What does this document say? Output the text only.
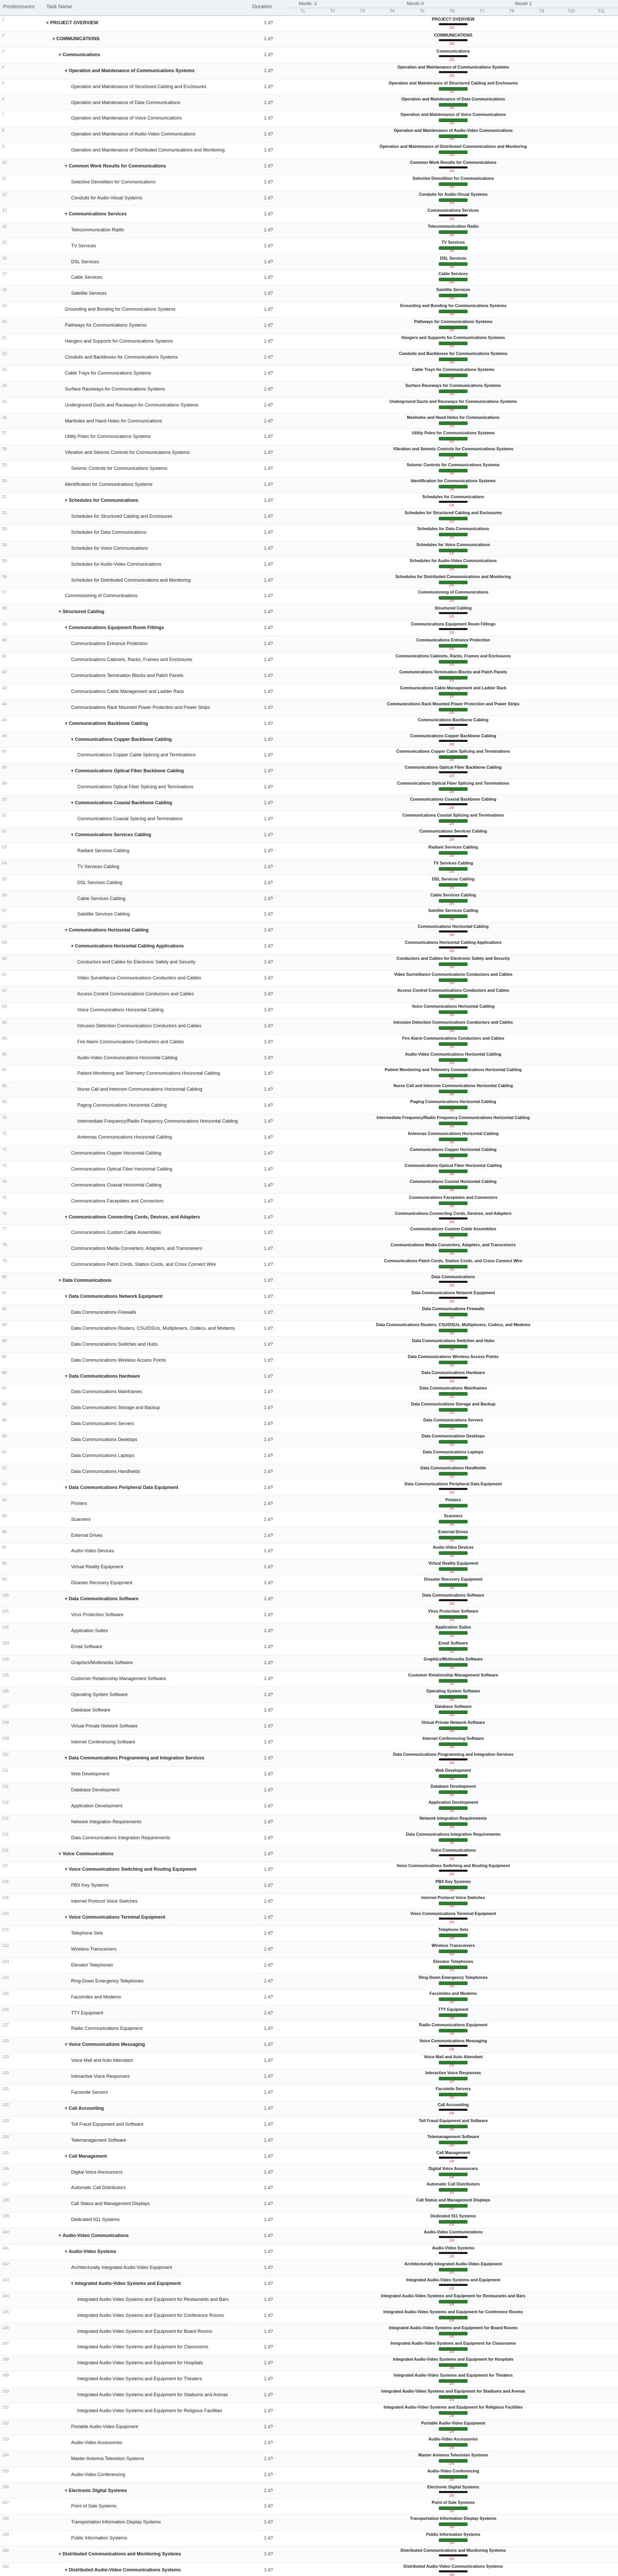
Predecessors Task Name	Duration
Month -1	Month 0	Month 1
T1	T2	T3	T4	T5	T6	T7	T8	T9	T10	T11
1
▾ PROJECT OVERVIEW	1 d?
PROJECT OVERVIEW
1/6
2
▾ COMMUNICATIONS	1 d?
COMMUNICATIONS
1/6
3
▾ Communications	1 d?
Communications
1/6
4
▾ Operation and Maintenance of Communications Systems	1 d?
Operation and Maintenance of Communications Systems
1/6
5
Operation and Maintenance of Structured Cabling and Enclosures	1 d?
Operation and Maintenance of Structured Cabling and Enclosures
1/6
6
Operation and Maintenance of Data Communications	1 d?
Operation and Maintenance of Data Communications
1/6
7
Operation and Maintenance of Voice Communications	1 d?
Operation and Maintenance of Voice Communications
1/6
8
Operation and Maintenance of Audio-Video Communications	1 d?
Operation and Maintenance of Audio-Video Communications
1/6
9
Operation and Maintenance of Distributed Communications and Monitoring	1 d?
Operation and Maintenance of Distributed Communications and Monitoring
1/6
10
▾ Common Work Results for Communications	1 d?
Common Work Results for Communications
1/6
11
Selective Demolition for Communications	1 d?
Selective Demolition for Communications
1/6
12
Conduits for Audio-Visual Systems	1 d?
Conduits for Audio-Visual Systems
1/6
13
▾ Communications Services	1 d?
Communications Services
1/6
14
Telecommunication Radio	1 d?
Telecommunication Radio
1/6
15
TV Services	1 d?
TV Services
1/6
16
DSL Services	1 d?
DSL Services
1/6
17
Cable Services	1 d?
Cable Services
1/6
18
Satellite Services	1 d?
Satellite Services
1/6
19
Grounding and Bonding for Communications Systems	1 d?
Grounding and Bonding for Communications Systems
1/6
20
Pathways for Communications Systems	1 d?
Pathways for Communications Systems
1/6
21
Hangers and Supports for Communications Systems	1 d?
Hangers and Supports for Communications Systems
1/6
22
Conduits and Backboxes for Communications Systems	1 d?
Conduits and Backboxes for Communications Systems
1/6
23
Cable Trays for Communications Systems	1 d?
Cable Trays for Communications Systems
1/6
24
Surface Raceways for Communications Systems	1 d?
Surface Raceways for Communications Systems
1/6
25
Underground Ducts and Raceways for Communications Systems	1 d?
Underground Ducts and Raceways for Communications Systems
1/6
26
Manholes and Hand Holes for Communications	1 d?
Manholes and Hand Holes for Communications
1/6
27
Utility Poles for Communications Systems	1 d?
Utility Poles for Communications Systems
1/6
28
Vibration and Seismic Controls for Communications Systems	1 d?
Vibration and Seismic Controls for Communications Systems
1/6
29
Seismic Controls for Communications Systems	1 d?
Seismic Controls for Communications Systems
1/6
30
Identification for Communications Systems	1 d?
Identification for Communications Systems
1/6
31
▾ Schedules for Communications	1 d?
Schedules for Communications
1/6
32
Schedules for Structured Cabling and Enclosures	1 d?
Schedules for Structured Cabling and Enclosures
1/6
33
Schedules for Data Communications	1 d?
Schedules for Data Communications
1/6
34
Schedules for Voice Communications	1 d?
Schedules for Voice Communications
1/6
35
Schedules for Audio-Video Communications	1 d?
Schedules for Audio-Video Communications
1/6
36
Schedules for Distributed Communications and Monitoring	1 d?
Schedules for Distributed Communications and Monitoring
1/6
37
Commissioning of Communications	1 d?
Commissioning of Communications
1/6
38
▾ Structured Cabling	1 d?
Structured Cabling
1/6
39
▾ Communications Equipment Room Fittings	1 d?
Communications Equipment Room Fittings
1/6
40
Communications Entrance Protection	1 d?
Communications Entrance Protection
1/6
41
Communications Cabinets, Racks, Frames and Enclosures	1 d?
Communications Cabinets, Racks, Frames and Enclosures
1/6
42
Communications Termination Blocks and Patch Panels	1 d?
Communications Termination Blocks and Patch Panels
1/6
43
Communications Cable Management and Ladder Rack	1 d?
Communications Cable Management and Ladder Rack
1/6
44
Communications Rack Mounted Power Protection and Power Strips	1 d?
Communications Rack Mounted Power Protection and Power Strips
1/6
45
▾ Communications Backbone Cabling	1 d?
Communications Backbone Cabling
1/6
46
▾ Communications Copper Backbone Cabling	1 d?
Communications Copper Backbone Cabling
1/6
47
Communications Copper Cable Splicing and Terminations	1 d?
Communications Copper Cable Splicing and Terminations
1/6
48
▾ Communications Optical Fiber Backbone Cabling	1 d?
Communications Optical Fiber Backbone Cabling
1/6
49
Communications Optical Fiber Splicing and Terminations	1 d?
Communications Optical Fiber Splicing and Terminations
1/6
50
▾ Communications Coaxial Backbone Cabling	1 d?
Communications Coaxial Backbone Cabling
1/6
51
Communications Coaxial Splicing and Terminations	1 d?
Communications Coaxial Splicing and Terminations
1/6
52
▾ Communications Services Cabling	1 d?
Communications Services Cabling
1/6
53
Radiant Services Cabling	1 d?
Radiant Services Cabling
1/6
54
TV Services Cabling	1 d?
TV Services Cabling
1/6
55
DSL Services Cabling	1 d?
DSL Services Cabling
1/6
56
Cable Services Cabling	1 d?
Cable Services Cabling
1/6
57
Satellite Services Cabling	1 d?
Satellite Services Cabling
1/6
58
▾ Communications Horizontal Cabling	1 d?
Communications Horizontal Cabling
1/6
59
▾ Communications Horizontal Cabling Applications	1 d?
Communications Horizontal Cabling Applications
1/6
60
Conductors and Cables for Electronic Safety and Security	1 d?
Conductors and Cables for Electronic Safety and Security
1/6
61
Video Surveillance Communications Conductors and Cables	1 d?
Video Surveillance Communications Conductors and Cables
1/6
62
Access Control Communications Conductors and Cables	1 d?
Access Control Communications Conductors and Cables
1/6
63
Voice Communications Horizontal Cabling	1 d?
Voice Communications Horizontal Cabling
1/6
64
Intrusion Detection Communications Conductors and Cables	1 d?
Intrusion Detection Communications Conductors and Cables
1/6
65
Fire Alarm Communications Conductors and Cables	1 d?
Fire Alarm Communications Conductors and Cables
1/6
66
Audio-Video Communications Horizontal Cabling	1 d?
Audio-Video Communications Horizontal Cabling
1/6
67
Patient Monitoring and Telemetry Communications Horizontal Cabling	1 d?
Patient Monitoring and Telemetry Communications Horizontal Cabling
1/6
68
Nurse Call and Intercom Communications Horizontal Cabling	1 d?
Nurse Call and Intercom Communications Horizontal Cabling
1/6
69
Paging Communications Horizontal Cabling	1 d?
Paging Communications Horizontal Cabling
1/6
70
Intermediate Frequency/Radio Frequency Communications Horizontal Cabling	1 d?
Intermediate Frequency/Radio Frequency Communications Horizontal Cabling
1/6
71
Antennas Communications Horizontal Cabling	1 d?
Antennas Communications Horizontal Cabling
1/6
72
Communications Copper Horizontal Cabling	1 d?
Communications Copper Horizontal Cabling
1/6
73
Communications Optical Fiber Horizontal Cabling	1 d?
Communications Optical Fiber Horizontal Cabling
1/6
74
Communications Coaxial Horizontal Cabling	1 d?
Communications Coaxial Horizontal Cabling
1/6
75
Communications Faceplates and Connectors	1 d?
Communications Faceplates and Connectors
1/6
76
▾ Communications Connecting Cords, Devices, and Adapters	1 d?
Communications Connecting Cords, Devices, and Adapters
1/6
77
Communications Custom Cable Assemblies	1 d?
Communications Custom Cable Assemblies
1/6
78
Communications Media Converters, Adapters, and Transceivers	1 d?
Communications Media Converters, Adapters, and Transceivers
1/6
79
Communications Patch Cords, Station Cords, and Cross Connect Wire	1 d?
Communications Patch Cords, Station Cords, and Cross Connect Wire
1/6
80
▾ Data Communications	1 d?
Data Communications
1/6
81
▾ Data Communications Network Equipment	1 d?
Data Communications Network Equipment
1/6
82
Data Communications Firewalls	1 d?
Data Communications Firewalls
1/6
83
Data Communications Routers, CSU/DSUs, Multiplexers, Codecs, and Modems	1 d?
Data Communications Routers, CSU/DSUs, Multiplexers, Codecs, and Modems
1/6
84
Data Communications Switches and Hubs	1 d?
Data Communications Switches and Hubs
1/6
85
Data Communications Wireless Access Points	1 d?
Data Communications Wireless Access Points
1/6
86
▾ Data Communications Hardware	1 d?
Data Communications Hardware
1/6
87
Data Communications Mainframes	1 d?
Data Communications Mainframes
1/6
88
Data Communications Storage and Backup	1 d?
Data Communications Storage and Backup
1/6
89
Data Communications Servers	1 d?
Data Communications Servers
1/6
90
Data Communications Desktops	1 d?
Data Communications Desktops
1/6
91
Data Communications Laptops	1 d?
Data Communications Laptops
1/6
92
Data Communications Handhelds	1 d?
Data Communications Handhelds
1/6
93
▾ Data Communications Peripheral Data Equipment	1 d?
Data Communications Peripheral Data Equipment
1/6
94
Printers	1 d?
Printers
1/6
95
Scanners	1 d?
Scanners
1/6
96
External Drives	1 d?
External Drives
1/6
97
Audio-Video Devices	1 d?
Audio-Video Devices
1/6
98
Virtual Reality Equipment	1 d?
Virtual Reality Equipment
1/6
99
Disaster Recovery Equipment	1 d?
Disaster Recovery Equipment
1/6
100
▾ Data Communications Software	1 d?
Data Communications Software
1/6
101
Virus Protection Software	1 d?
Virus Protection Software
1/6
102
Application Suites	1 d?
Application Suites
1/6
103
Email Software	1 d?
Email Software
1/6
104
Graphics/Multimedia Software	1 d?
Graphics/Multimedia Software
1/6
105
Customer Relationship Management Software	1 d?
Customer Relationship Management Software
1/6
106
Operating System Software	1 d?
Operating System Software
1/6
107
Database Software	1 d?
Database Software
1/6
108
Virtual Private Network Software	1 d?
Virtual Private Network Software
1/6
109
Internet Conferencing Software	1 d?
Internet Conferencing Software
1/6
110
▾ Data Communications Programming and Integration Services	1 d?
Data Communications Programming and Integration Services
1/6
111
Web Development	1 d?
Web Development
1/6
112
Database Development	1 d?
Database Development
1/6
113
Application Development	1 d?
Application Development
1/6
114
Network Integration Requirements	1 d?
Network Integration Requirements
1/6
115
Data Communications Integration Requirements	1 d?
Data Communications Integration Requirements
1/6
116
▾ Voice Communications	1 d?
Voice Communications
1/6
117
▾ Voice Communications Switching and Routing Equipment	1 d?
Voice Communications Switching and Routing Equipment
1/6
118
PBX Key Systems	1 d?
PBX Key Systems
1/6
119
Internet Protocol Voice Switches	1 d?
Internet Protocol Voice Switches
1/6
120
▾ Voice Communications Terminal Equipment	1 d?
Voice Communications Terminal Equipment
1/6
121
Telephone Sets	1 d?
Telephone Sets
1/6
122
Wireless Transceivers	1 d?
Wireless Transceivers
1/6
123
Elevator Telephones	1 d?
Elevator Telephones
1/6
124
Ring-Down Emergency Telephones	1 d?
Ring-Down Emergency Telephones
1/6
125
Facsimiles and Modems	1 d?
Facsimiles and Modems
1/6
126
TTY Equipment	1 d?
TTY Equipment
1/6
127
Radio Communications Equipment	1 d?
Radio Communications Equipment
1/6
128
▾ Voice Communications Messaging	1 d?
Voice Communications Messaging
1/6
129
Voice Mail and Auto Attendant	1 d?
Voice Mail and Auto Attendant
1/6
130
Interactive Voice Responses	1 d?
Interactive Voice Responses
1/6
131
Facsimile Servers	1 d?
Facsimile Servers
1/6
132
▾ Call Accounting	1 d?
Call Accounting
1/6
133
Toll Fraud Equipment and Software	1 d?
Toll Fraud Equipment and Software
1/6
134
Telemanagement Software	1 d?
Telemanagement Software
1/6
135
▾ Call Management	1 d?
Call Management
1/6
136
Digital Voice Announcers	1 d?
Digital Voice Announcers
1/6
137
Automatic Call Distributors	1 d?
Automatic Call Distributors
1/6
138
Call Status and Management Displays	1 d?
Call Status and Management Displays
1/6
139
Dedicated 911 Systems	1 d?
Dedicated 911 Systems
1/6
140
▾ Audio-Video Communications	1 d?
Audio-Video Communications
1/6
141
▾ Audio-Video Systems	1 d?
Audio-Video Systems
1/6
142
Architecturally Integrated Audio-Video Equipment	1 d?
Architecturally Integrated Audio-Video Equipment
1/6
143
▾ Integrated Audio-Video Systems and Equipment	1 d?
Integrated Audio-Video Systems and Equipment
1/6
144
Integrated Audio-Video Systems and Equipment for Restaurants and Bars	1 d?
Integrated Audio-Video Systems and Equipment for Restaurants and Bars
1/6
145
Integrated Audio-Video Systems and Equipment for Conference Rooms	1 d?
Integrated Audio-Video Systems and Equipment for Conference Rooms
1/6
146
Integrated Audio-Video Systems and Equipment for Board Rooms	1 d?
Integrated Audio-Video Systems and Equipment for Board Rooms
1/6
147
Integrated Audio-Video Systems and Equipment for Classrooms	1 d?
Integrated Audio-Video Systems and Equipment for Classrooms
1/6
148
Integrated Audio-Video Systems and Equipment for Hospitals	1 d?
Integrated Audio-Video Systems and Equipment for Hospitals
1/6
149
Integrated Audio-Video Systems and Equipment for Theaters	1 d?
Integrated Audio-Video Systems and Equipment for Theaters
1/6
150
Integrated Audio-Video Systems and Equipment for Stadiums and Arenas	1 d?
Integrated Audio-Video Systems and Equipment for Stadiums and Arenas
1/6
151
Integrated Audio-Video Systems and Equipment for Religious Facilities	1 d?
Integrated Audio-Video Systems and Equipment for Religious Facilities
1/6
152
Portable Audio-Video Equipment	1 d?
Portable Audio-Video Equipment
1/6
153
Audio-Video Accessories	1 d?
Audio-Video Accessories
1/6
154
Master Antenna Television Systems	1 d?
Master Antenna Television Systems
1/6
155
Audio-Video Conferencing	1 d?
Audio-Video Conferencing
1/6
156
▾ Electronic Digital Systems	1 d?
Electronic Digital Systems
1/6
157
Point of Sale Systems	1 d?
Point of Sale Systems
1/6
158
Transportation Information Display Systems	1 d?
Transportation Information Display Systems
1/6
159
Public Information Systems	1 d?
Public Information Systems
1/6
160
▾ Distributed Communications and Monitoring Systems	1 d?
Distributed Communications and Monitoring Systems
1/6
161
▾ Distributed Audio-Video Communications Systems	1 d?
Distributed Audio-Video Communications Systems
1/6
